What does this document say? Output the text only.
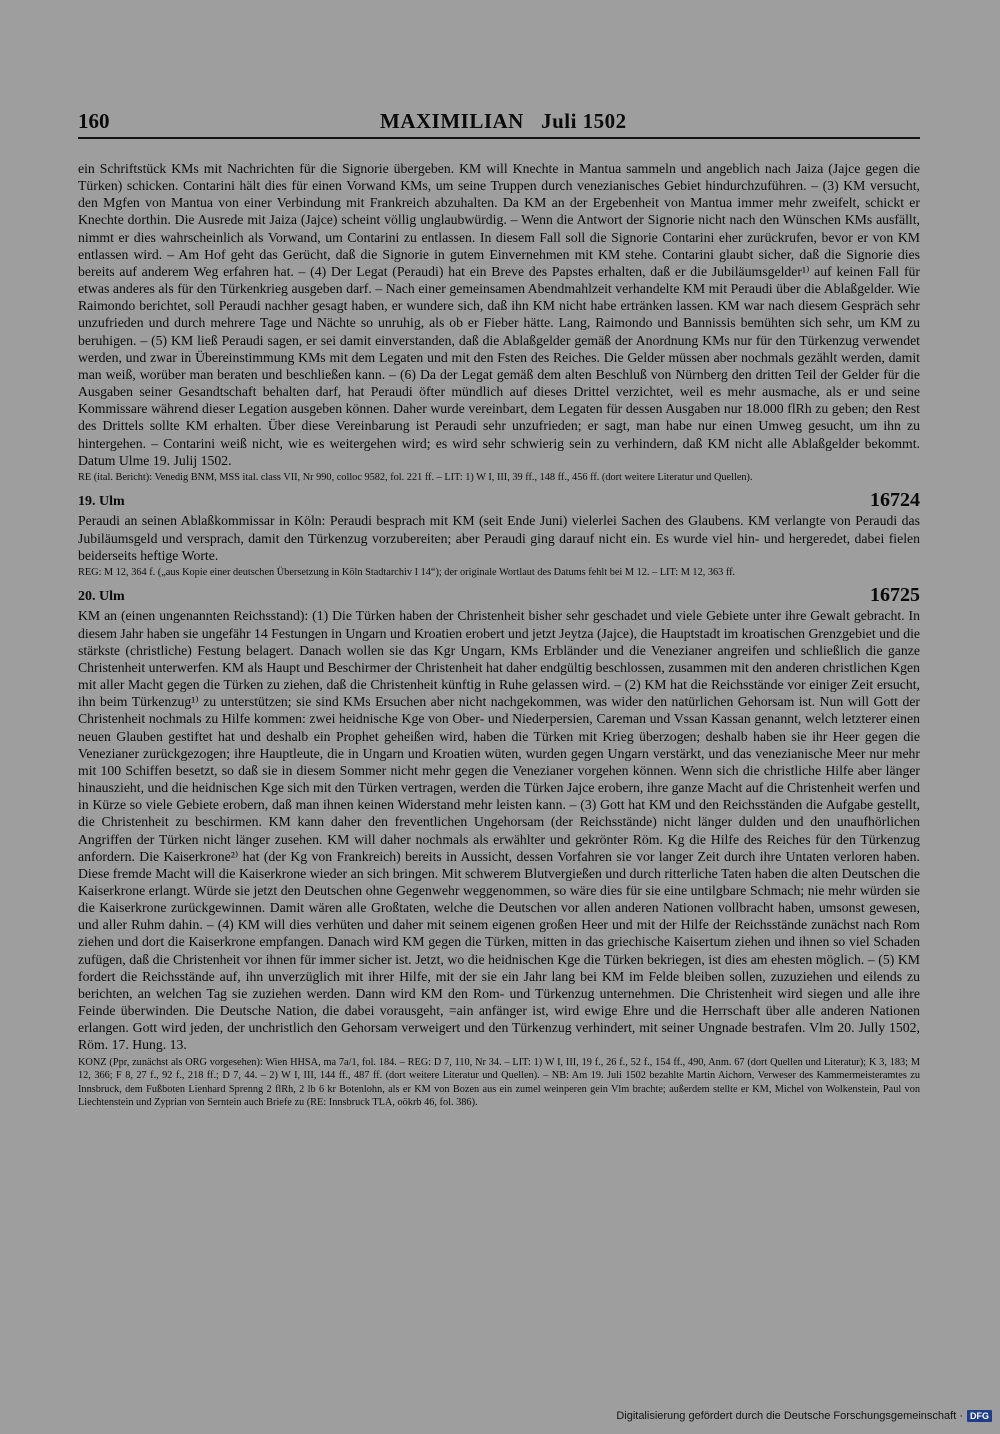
160	MAXIMILIAN   Juli 1502

ein Schriftstück KMs mit Nachrichten für die Signorie übergeben. KM will Knechte in Mantua sammeln und angeblich nach Jaiza (Jajce gegen die Türken) schicken. Contarini hält dies für einen Vorwand KMs, um seine Truppen durch venezianisches Gebiet hindurchzuführen. – (3) KM versucht, den Mgfen von Mantua von einer Verbindung mit Frankreich abzuhalten. Da KM an der Ergebenheit von Mantua immer mehr zweifelt, schickt er Knechte dorthin. Die Ausrede mit Jaiza (Jajce) scheint völlig unglaubwürdig. – Wenn die Antwort der Signorie nicht nach den Wünschen KMs ausfällt, nimmt er dies wahrscheinlich als Vorwand, um Contarini zu entlassen. In diesem Fall soll die Signorie Contarini eher zurückrufen, bevor er von KM entlassen wird. – Am Hof geht das Gerücht, daß die Signorie in gutem Einvernehmen mit KM stehe. Contarini glaubt sicher, daß die Signorie dies bereits auf anderem Weg erfahren hat. – (4) Der Legat (Peraudi) hat ein Breve des Papstes erhalten, daß er die Jubiläumsgelder¹⁾ auf keinen Fall für etwas anderes als für den Türkenkrieg ausgeben darf. – Nach einer gemeinsamen Abendmahlzeit verhandelte KM mit Peraudi über die Ablaßgelder. Wie Raimondo berichtet, soll Peraudi nachher gesagt haben, er wundere sich, daß ihn KM nicht habe ertränken lassen. KM war nach diesem Gespräch sehr unzufrieden und durch mehrere Tage und Nächte so unruhig, als ob er Fieber hätte. Lang, Raimondo und Bannissis bemühten sich sehr, um KM zu beruhigen. – (5) KM ließ Peraudi sagen, er sei damit einverstanden, daß die Ablaßgelder gemäß der Anordnung KMs nur für den Türkenzug verwendet werden, und zwar in Übereinstimmung KMs mit dem Legaten und mit den Fsten des Reiches. Die Gelder müssen aber nochmals gezählt werden, damit man weiß, worüber man beraten und beschließen kann. – (6) Da der Legat gemäß dem alten Beschluß von Nürnberg den dritten Teil der Gelder für die Ausgaben seiner Gesandtschaft behalten darf, hat Peraudi öfter mündlich auf dieses Drittel verzichtet, weil es mehr ausmache, als er und seine Kommissare während dieser Legation ausgeben können. Daher wurde vereinbart, dem Legaten für dessen Ausgaben nur 18.000 flRh zu geben; den Rest des Drittels sollte KM erhalten. Über diese Vereinbarung ist Peraudi sehr unzufrieden; er sagt, man habe nur einen Umweg gesucht, um ihn zu hintergehen. – Contarini weiß nicht, wie es weitergehen wird; es wird sehr schwierig sein zu verhindern, daß KM nicht alle Ablaßgelder bekommt. Datum Ulme 19. Julij 1502.

RE (ital. Bericht): Venedig BNM, MSS ital. class VII, Nr 990, colloc 9582, fol. 221 ff. – LIT: 1) W I, III, 39 ff., 148 ff., 456 ff. (dort weitere Literatur und Quellen).

19. Ulm	16724

Peraudi an seinen Ablaßkommissar in Köln: Peraudi besprach mit KM (seit Ende Juni) vielerlei Sachen des Glaubens. KM verlangte von Peraudi das Jubiläumsgeld und versprach, damit den Türkenzug vorzubereiten; aber Peraudi ging darauf nicht ein. Es wurde viel hin- und hergeredet, dabei fielen beiderseits heftige Worte.

REG: M 12, 364 f. („aus Kopie einer deutschen Übersetzung in Köln Stadtarchiv I 14“); der originale Wortlaut des Datums fehlt bei M 12. – LIT: M 12, 363 ff.

20. Ulm	16725

KM an (einen ungenannten Reichsstand): (1) Die Türken haben der Christenheit bisher sehr geschadet und viele Gebiete unter ihre Gewalt gebracht. In diesem Jahr haben sie ungefähr 14 Festungen in Ungarn und Kroatien erobert und jetzt Jeytza (Jajce), die Hauptstadt im kroatischen Grenzgebiet und die stärkste (christliche) Festung belagert. Danach wollen sie das Kgr Ungarn, KMs Erbländer und die Venezianer angreifen und schließlich die ganze Christenheit unterwerfen. KM als Haupt und Beschirmer der Christenheit hat daher endgültig beschlossen, zusammen mit den anderen christlichen Kgen mit aller Macht gegen die Türken zu ziehen, daß die Christenheit künftig in Ruhe gelassen wird. – (2) KM hat die Reichsstände vor einiger Zeit ersucht, ihn beim Türkenzug¹⁾ zu unterstützen; sie sind KMs Ersuchen aber nicht nachgekommen, was wider den natürlichen Gehorsam ist. Nun will Gott der Christenheit nochmals zu Hilfe kommen: zwei heidnische Kge von Ober- und Niederpersien, Careman und Vssan Kassan genannt, welch letzterer einen neuen Glauben gestiftet hat und deshalb ein Prophet geheißen wird, haben die Türken mit Krieg überzogen; deshalb haben sie ihr Heer gegen die Venezianer zurückgezogen; ihre Hauptleute, die in Ungarn und Kroatien wüten, wurden gegen Ungarn verstärkt, und das venezianische Meer nur mehr mit 100 Schiffen besetzt, so daß sie in diesem Sommer nicht mehr gegen die Venezianer vorgehen können. Wenn sich die christliche Hilfe aber länger hinauszieht, und die heidnischen Kge sich mit den Türken vertragen, werden die Türken Jajce erobern, ihre ganze Macht auf die Christenheit werfen und in Kürze so viele Gebiete erobern, daß man ihnen keinen Widerstand mehr leisten kann. – (3) Gott hat KM und den Reichsständen die Aufgabe gestellt, die Christenheit zu beschirmen. KM kann daher den freventlichen Ungehorsam (der Reichsstände) nicht länger dulden und den unaufhörlichen Angriffen der Türken nicht länger zusehen. KM will daher nochmals als erwählter und gekrönter Röm. Kg die Hilfe des Reiches für den Türkenzug anfordern. Die Kaiserkrone²⁾ hat (der Kg von Frankreich) bereits in Aussicht, dessen Vorfahren sie vor langer Zeit durch ihre Untaten verloren haben. Diese fremde Macht will die Kaiserkrone wieder an sich bringen. Mit schwerem Blutvergießen und durch ritterliche Taten haben die alten Deutschen die Kaiserkrone erlangt. Würde sie jetzt den Deutschen ohne Gegenwehr weggenommen, so wäre dies für sie eine untilgbare Schmach; nie mehr würden sie die Kaiserkrone zurückgewinnen. Damit wären alle Großtaten, welche die Deutschen vor allen anderen Nationen vollbracht haben, umsonst gewesen, und aller Ruhm dahin. – (4) KM will dies verhüten und daher mit seinem eigenen großen Heer und mit der Hilfe der Reichsstände zunächst nach Rom ziehen und dort die Kaiserkrone empfangen. Danach wird KM gegen die Türken, mitten in das griechische Kaisertum ziehen und ihnen so viel Schaden zufügen, daß die Christenheit vor ihnen für immer sicher ist. Jetzt, wo die heidnischen Kge die Türken bekriegen, ist dies am ehesten möglich. – (5) KM fordert die Reichsstände auf, ihn unverzüglich mit ihrer Hilfe, mit der sie ein Jahr lang bei KM im Felde bleiben sollen, zuzuziehen und eilends zu berichten, an welchen Tag sie zuziehen werden. Dann wird KM den Rom- und Türkenzug unternehmen. Die Christenheit wird siegen und alle ihre Feinde überwinden. Die Deutsche Nation, die dabei vorausgeht, =ain anfänger ist, wird ewige Ehre und die Herrschaft über alle anderen Nationen erlangen. Gott wird jeden, der unchristlich den Gehorsam verweigert und den Türkenzug verhindert, mit seiner Ungnade bestrafen. Vlm 20. Jully 1502, Röm. 17. Hung. 13.

KONZ (Ppr, zunächst als ORG vorgesehen): Wien HHSA, ma 7a/1, fol. 184. – REG: D 7, 110, Nr 34. – LIT: 1) W I, III, 19 f., 26 f., 52 f., 154 ff., 490, Anm. 67 (dort Quellen und Literatur); K 3, 183; M 12, 366; F 8, 27 f., 92 f., 218 ff.; D 7, 44. – 2) W I, III, 144 ff., 487 ff. (dort weitere Literatur und Quellen). – NB: Am 19. Juli 1502 bezahlte Martin Aichorn, Verweser des Kammermeisteramtes zu Innsbruck, dem Fußboten Lienhard Sprenng 2 flRh, 2 lb 6 kr Botenlohn, als er KM von Bozen aus ein zumel weinperen gein Vlm brachte; außerdem stellte er KM, Michel von Wolkenstein, Paul von Liechtenstein und Zyprian von Serntein auch Briefe zu (RE: Innsbruck TLA, oökrb 46, fol. 386).

Digitalisierung gefördert durch die Deutsche Forschungsgemeinschaft · DFG
